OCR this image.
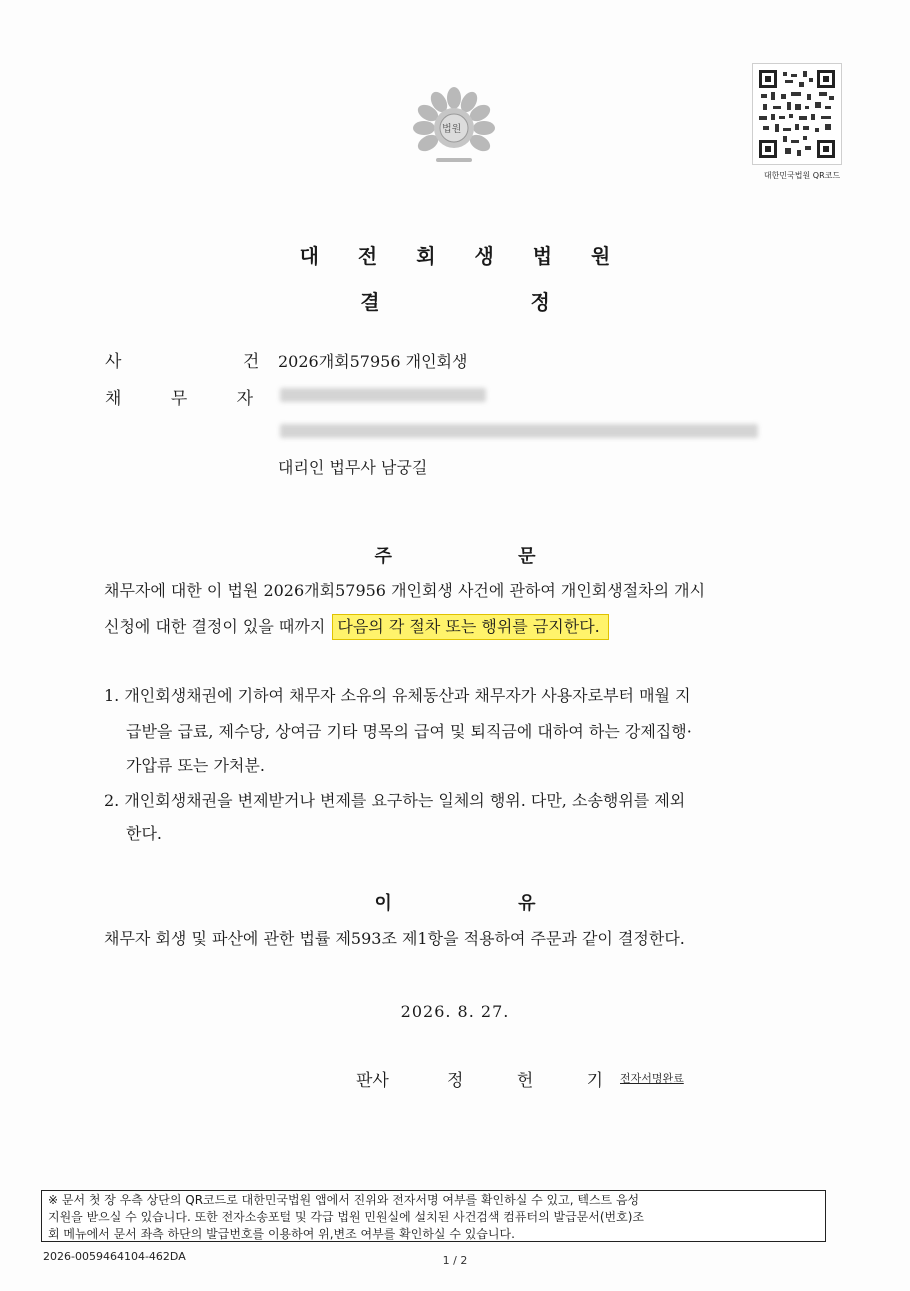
법원
대한민국법원 QR코드
대 전 회 생 법 원
결 정
사 건
2026개회57956 개인회생
채 무 자
대리인 법무사 남궁길
주 문
채무자에 대한 이 법원 2026개회57956 개인회생 사건에 관하여 개인회생절차의 개시
신청에 대한 결정이 있을 때까지 다음의 각 절차 또는 행위를 금지한다.
1. 개인회생채권에 기하여 채무자 소유의 유체동산과 채무자가 사용자로부터 매월 지
급받을 급료, 제수당, 상여금 기타 명목의 급여 및 퇴직금에 대하여 하는 강제집행·
가압류 또는 가처분.
2. 개인회생채권을 변제받거나 변제를 요구하는 일체의 행위. 다만, 소송행위를 제외
한다.
이 유
채무자 회생 및 파산에 관한 법률 제593조 제1항을 적용하여 주문과 같이 결정한다.
2026. 8. 27.
판사	정 헌 기
전자서명완료
※ 문서 첫 장 우측 상단의 QR코드로 대한민국법원 앱에서 진위와 전자서명 여부를 확인하실 수 있고, 텍스트 음성
지원을 받으실 수 있습니다. 또한 전자소송포털 및 각급 법원 민원실에 설치된 사건검색 컴퓨터의 발급문서(번호)조
회 메뉴에서 문서 좌측 하단의 발급번호를 이용하여 위,변조 여부를 확인하실 수 있습니다.
2026-0059464104-462DA	1 / 2
